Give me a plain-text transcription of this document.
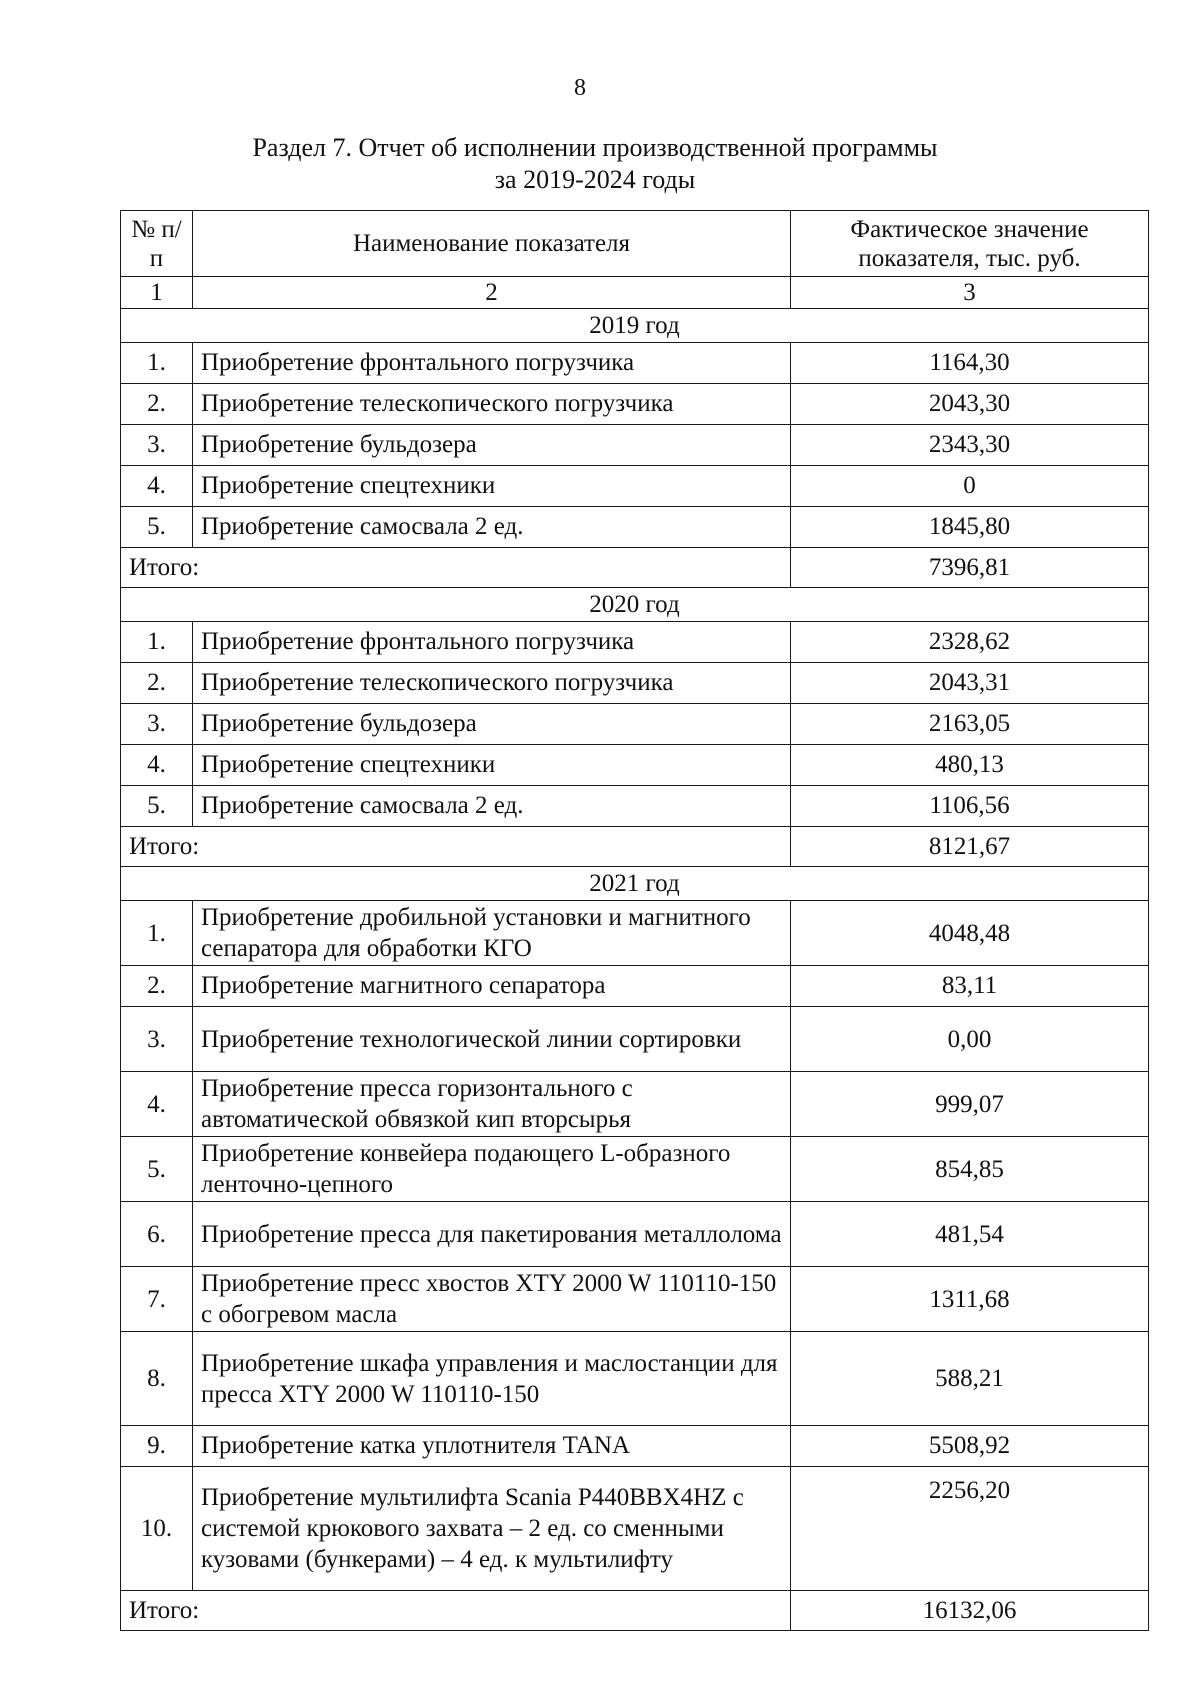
8
Раздел 7. Отчет об исполнении производственной программы
за 2019-2024 годы
№ п/п	Наименование показателя	Фактическое значение показателя, тыс. руб.
1	2	3
2019 год		
1.	Приобретение фронтального погрузчика	1164,30
2.	Приобретение телескопического погрузчика	2043,30
3.	Приобретение бульдозера	2343,30
4.	Приобретение спецтехники	0
5.	Приобретение самосвала 2 ед.	1845,80
Итого:		7396,81
2020 год		
1.	Приобретение фронтального погрузчика	2328,62
2.	Приобретение телескопического погрузчика	2043,31
3.	Приобретение бульдозера	2163,05
4.	Приобретение спецтехники	480,13
5.	Приобретение самосвала 2 ед.	1106,56
Итого:		8121,67
2021 год		
1.	Приобретение дробильной установки и магнитного сепаратора для обработки КГО	4048,48
2.	Приобретение магнитного сепаратора	83,11
3.	Приобретение технологической линии сортировки	0,00
4.	Приобретение пресса горизонтального с автоматической обвязкой кип вторсырья	999,07
5.	Приобретение конвейера подающего L-образного ленточно-цепного	854,85
6.	Приобретение пресса для пакетирования металлолома	481,54
7.	Приобретение пресс хвостов XTY 2000 W 110110-150 с обогревом масла	1311,68
8.	Приобретение шкафа управления и маслостанции для пресса XTY 2000 W 110110-150	588,21
9.	Приобретение катка уплотнителя TANA	5508,92
10.	Приобретение мультилифта Scania P440BBX4HZ с системой крюкового захвата – 2 ед. со сменными кузовами (бункерами) – 4 ед. к мультилифту	2256,20
Итого:		16132,06
